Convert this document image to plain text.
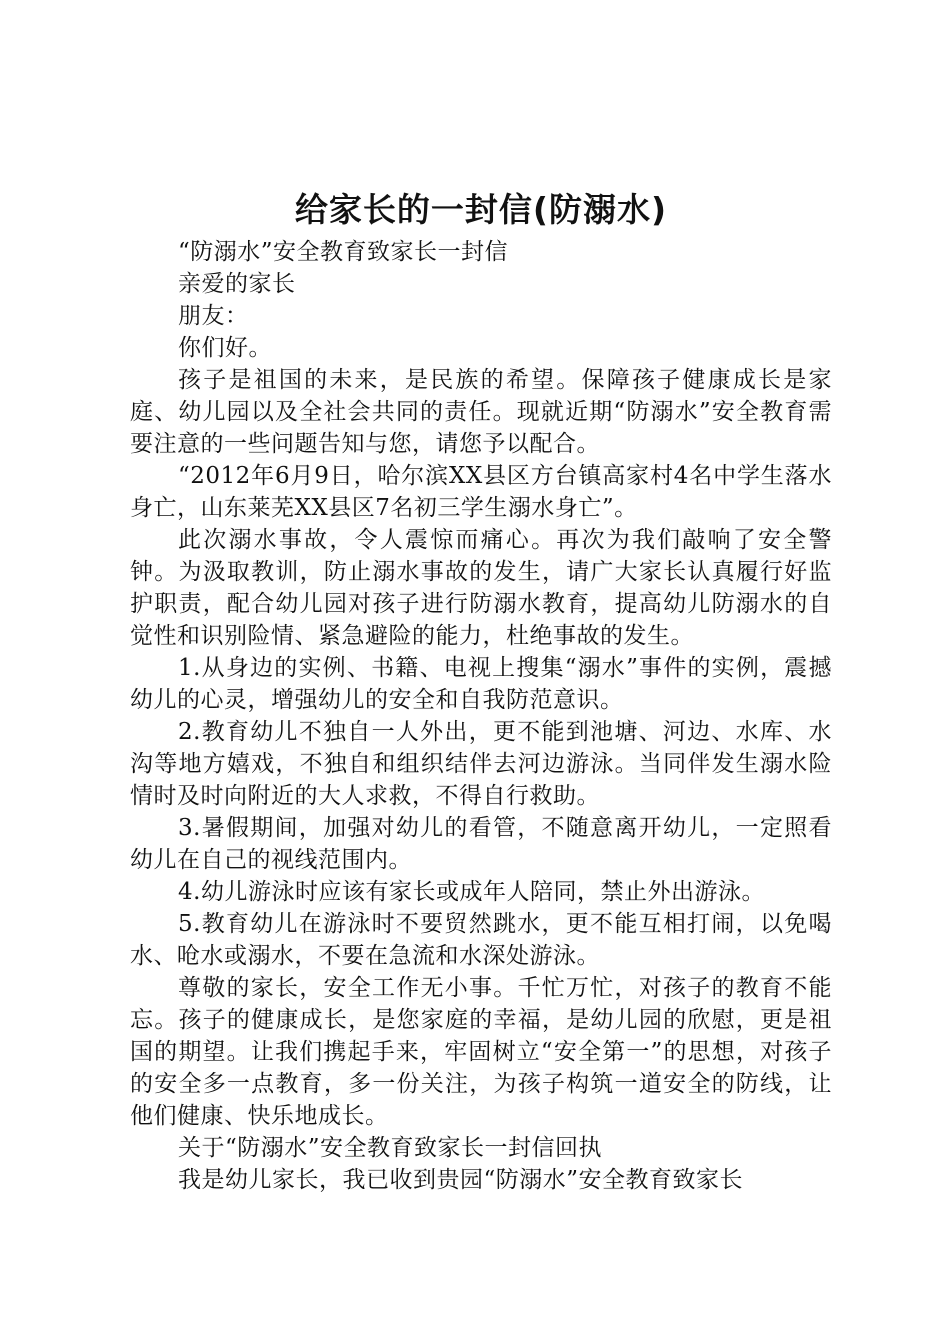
给家长的一封信(防溺水)

“防溺水”安全教育致家长一封信

亲爱的家长

朋友：

你们好。

孩子是祖国的未来，是民族的希望。保障孩子健康成长是家庭、幼儿园以及全社会共同的责任。现就近期“防溺水”安全教育需要注意的一些问题告知与您，请您予以配合。

“2012年6月9日，哈尔滨XX县区方台镇高家村4名中学生落水身亡，山东莱芜XX县区7名初三学生溺水身亡”。

此次溺水事故，令人震惊而痛心。再次为我们敲响了安全警钟。为汲取教训，防止溺水事故的发生，请广大家长认真履行好监护职责，配合幼儿园对孩子进行防溺水教育，提高幼儿防溺水的自觉性和识别险情、紧急避险的能力，杜绝事故的发生。

1.从身边的实例、书籍、电视上搜集“溺水”事件的实例，震撼幼儿的心灵，增强幼儿的安全和自我防范意识。

2.教育幼儿不独自一人外出，更不能到池塘、河边、水库、水沟等地方嬉戏，不独自和组织结伴去河边游泳。当同伴发生溺水险情时及时向附近的大人求救，不得自行救助。

3.暑假期间，加强对幼儿的看管，不随意离开幼儿，一定照看幼儿在自己的视线范围内。

4.幼儿游泳时应该有家长或成年人陪同，禁止外出游泳。

5.教育幼儿在游泳时不要贸然跳水，更不能互相打闹，以免喝水、呛水或溺水，不要在急流和水深处游泳。

尊敬的家长，安全工作无小事。千忙万忙，对孩子的教育不能忘。孩子的健康成长，是您家庭的幸福，是幼儿园的欣慰，更是祖国的期望。让我们携起手来，牢固树立“安全第一”的思想，对孩子的安全多一点教育，多一份关注，为孩子构筑一道安全的防线，让他们健康、快乐地成长。

关于“防溺水”安全教育致家长一封信回执

我是幼儿家长，我已收到贵园“防溺水”安全教育致家长
